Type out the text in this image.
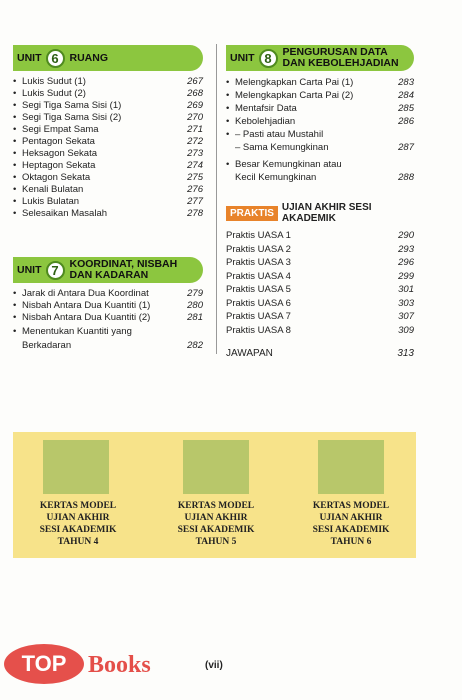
UNIT 6	RUANG
• Lukis Sudut (1)	267
• Lukis Sudut (2)	268
• Segi Tiga Sama Sisi (1)	269
• Segi Tiga Sama Sisi (2)	270
• Segi Empat Sama	271
• Pentagon Sekata	272
• Heksagon Sekata	273
• Heptagon Sekata	274
• Oktagon Sekata	275
• Kenali Bulatan	276
• Lukis Bulatan	277
• Selesaikan Masalah	278
UNIT 7	KOORDINAT, NISBAH
DAN KADARAN
• Jarak di Antara Dua Koordinat	279
• Nisbah Antara Dua Kuantiti (1)	280
• Nisbah Antara Dua Kuantiti (2)	281
• Menentukan Kuantiti yang
Berkadaran	282
UNIT 8	PENGURUSAN DATA
DAN KEBOLEHJADIAN
• Melengkapkan Carta Pai (1)	283
• Melengkapkan Carta Pai (2)	284
• Mentafsir Data	285
• Kebolehjadian	286
• – Pasti atau Mustahil
– Sama Kemungkinan	287
• Besar Kemungkinan atau
Kecil Kemungkinan	288
PRAKTIS UJIAN AKHIR SESI AKADEMIK
Praktis UASA 1	290
Praktis UASA 2	293
Praktis UASA 3	296
Praktis UASA 4	299
Praktis UASA 5	301
Praktis UASA 6	303
Praktis UASA 7	307
Praktis UASA 8	309
JAWAPAN	313
KERTAS MODEL
UJIAN AKHIR
SESI AKADEMIK
TAHUN 4
KERTAS MODEL
UJIAN AKHIR
SESI AKADEMIK
TAHUN 5
KERTAS MODEL
UJIAN AKHIR
SESI AKADEMIK
TAHUN 6
TOP Books	(vii)
